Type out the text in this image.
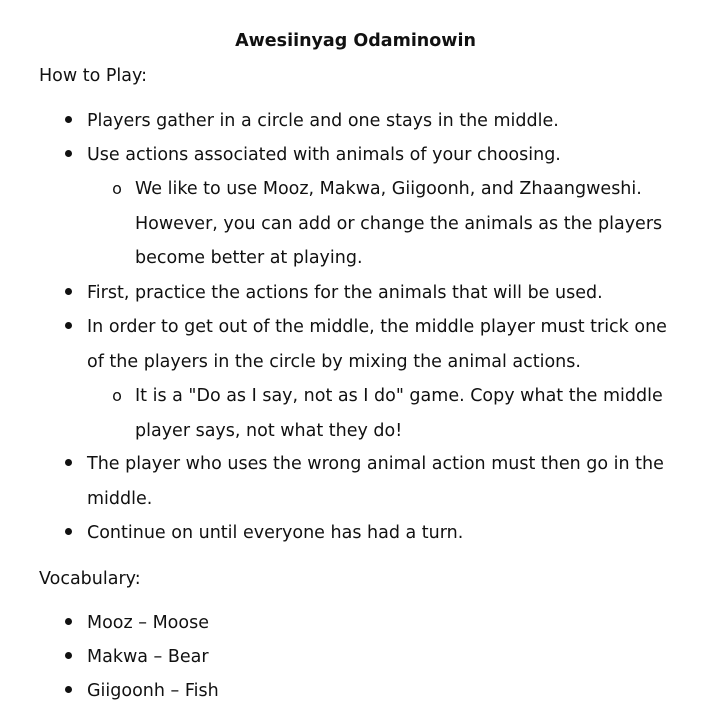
Awesiinyag Odaminowin
How to Play:
Players gather in a circle and one stays in the middle.
Use actions associated with animals of your choosing.
o We like to use Mooz, Makwa, Giigoonh, and Zhaangweshi. However, you can add or change the animals as the players become better at playing.
First, practice the actions for the animals that will be used.
In order to get out of the middle, the middle player must trick one of the players in the circle by mixing the animal actions.
o It is a "Do as I say, not as I do" game. Copy what the middle player says, not what they do!
The player who uses the wrong animal action must then go in the middle.
Continue on until everyone has had a turn.
Vocabulary:
Mooz – Moose
Makwa – Bear
Giigoonh – Fish
